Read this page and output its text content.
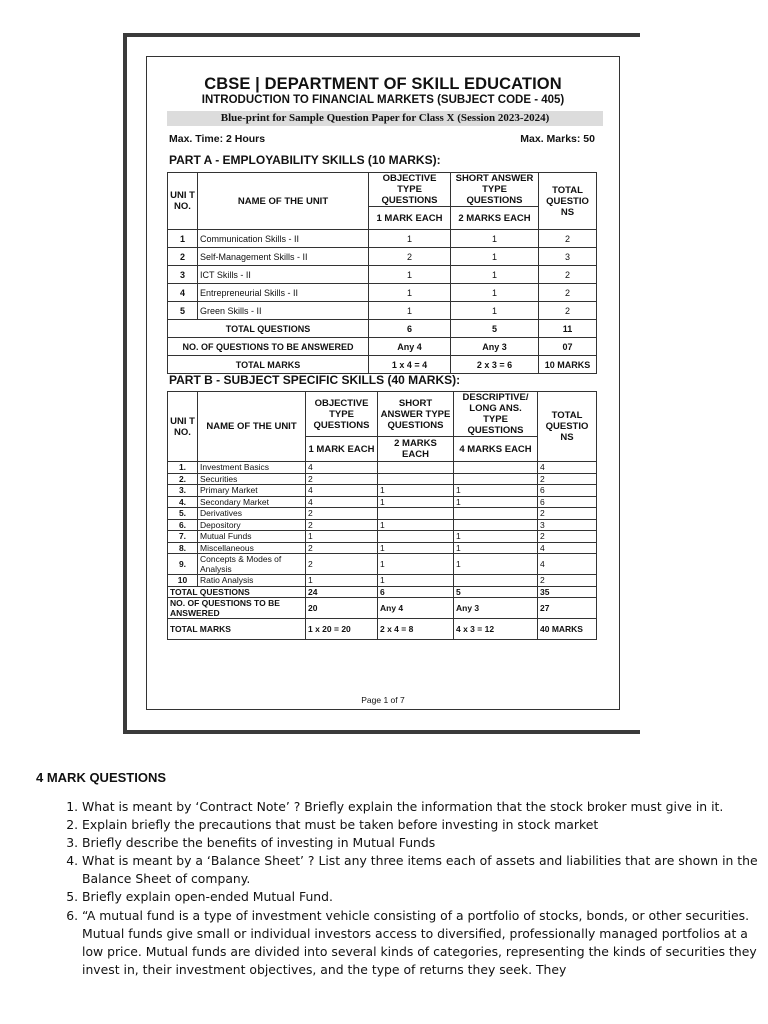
CBSE | DEPARTMENT OF SKILL EDUCATION
INTRODUCTION TO FINANCIAL MARKETS (SUBJECT CODE - 405)
Blue-print for Sample Question Paper for Class X (Session 2023-2024)
Max. Time: 2 Hours	Max. Marks: 50
PART A - EMPLOYABILITY SKILLS (10 MARKS):
UNI T NO.	NAME OF THE UNIT	OBJECTIVE TYPE QUESTIONS	SHORT ANSWER TYPE QUESTIONS	TOTAL QUESTIO NS
		1 MARK EACH	2 MARKS EACH	
1	Communication Skills - II	1	1	2
2	Self-Management Skills - II	2	1	3
3	ICT Skills - II	1	1	2
4	Entrepreneurial Skills - II	1	1	2
5	Green Skills - II	1	1	2
TOTAL QUESTIONS		6	5	11
NO. OF QUESTIONS TO BE ANSWERED		Any 4	Any 3	07
TOTAL MARKS		1 x 4 = 4	2 x 3 = 6	10 MARKS
PART B - SUBJECT SPECIFIC SKILLS (40 MARKS):
UNI T NO.	NAME OF THE UNIT	OBJECTIVE TYPE QUESTIONS	SHORT ANSWER TYPE QUESTIONS	DESCRIPTIVE/ LONG ANS. TYPE QUESTIONS	TOTAL QUESTIO NS
		1 MARK EACH	2 MARKS EACH	4 MARKS EACH	
1.	Investment Basics	4			4
2.	Securities	2			2
3.	Primary Market	4	1	1	6
4.	Secondary Market	4	1	1	6
5.	Derivatives	2			2
6.	Depository	2	1		3
7.	Mutual Funds	1		1	2
8.	Miscellaneous	2	1	1	4
9.	Concepts & Modes of Analysis	2	1	1	4
10	Ratio Analysis	1	1		2
TOTAL QUESTIONS		24	6	5	35
NO. OF QUESTIONS TO BE ANSWERED		20	Any 4	Any 3	27
TOTAL MARKS		1 x 20 = 20	2 x 4 = 8	4 x 3 = 12	40 MARKS
Page 1 of 7
4 MARK QUESTIONS
1. What is meant by ‘Contract Note’ ? Briefly explain the information that the stock broker must give in it.
2. Explain briefly the precautions that must be taken before investing in stock market
3. Briefly describe the benefits of investing in Mutual Funds
4. What is meant by a ‘Balance Sheet’ ? List any three items each of assets and liabilities that are shown in the Balance Sheet of company.
5. Briefly explain open-ended Mutual Fund.
6. “A mutual fund is a type of investment vehicle consisting of a portfolio of stocks, bonds, or other securities. Mutual funds give small or individual investors access to diversified, professionally managed portfolios at a low price. Mutual funds are divided into several kinds of categories, representing the kinds of securities they invest in, their investment objectives, and the type of returns they seek. They
